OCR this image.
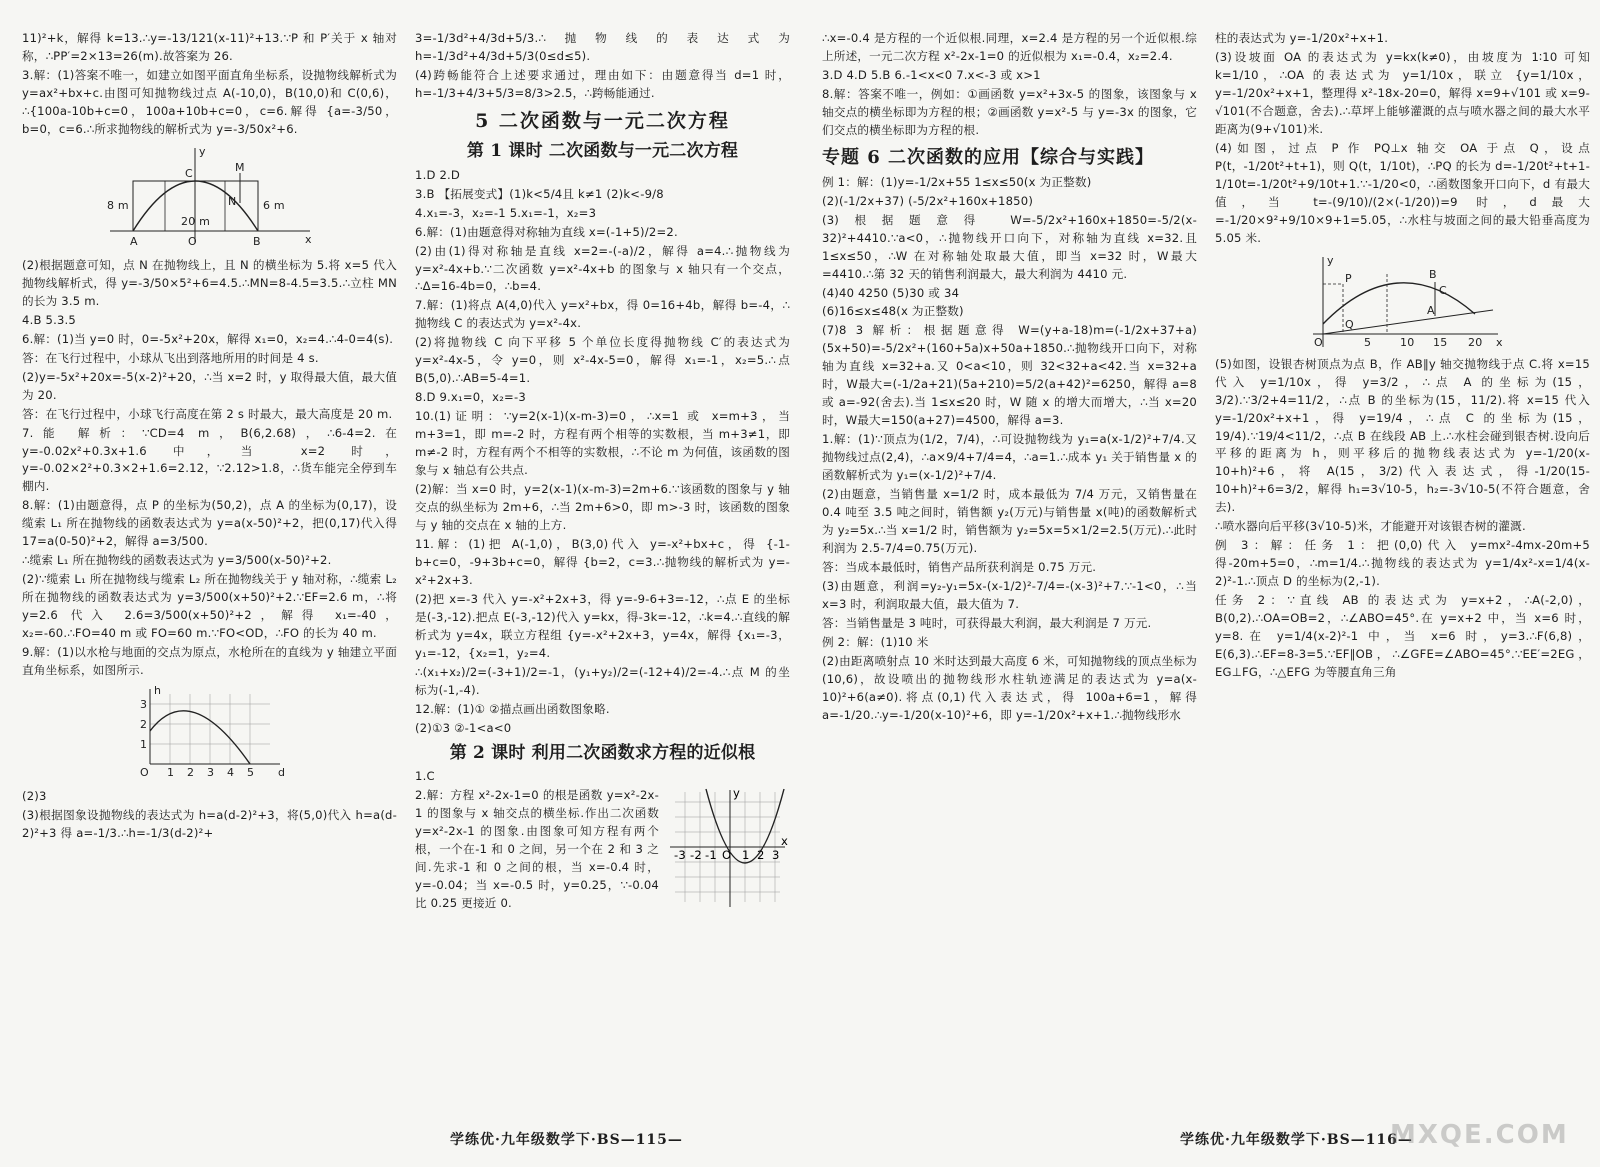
11)²+k，解得 k=13.∴y=-13/121(x-11)²+13.∵P 和 P′关于 x 轴对称，∴PP′=2×13=26(m).故答案为 26.

3.解：(1)答案不唯一，如建立如图平面直角坐标系，设抛物线解析式为 y=ax²+bx+c.由图可知抛物线过点 A(-10,0)，B(10,0)和 C(0,6)，∴{100a-10b+c=0，100a+10b+c=0，c=6.解得 {a=-3/50，b=0，c=6.∴所求抛物线的解析式为 y=-3/50x²+6.

x
y
M
C
N
A	O	B
8 m	6 m
20 m

(2)根据题意可知，点 N 在抛物线上，且 N 的横坐标为 5.将 x=5 代入抛物线解析式，得 y=-3/50×5²+6=4.5.∴MN=8-4.5=3.5.∴立柱 MN 的长为 3.5 m.

4.B 5.3.5

6.解：(1)当 y=0 时，0=-5x²+20x，解得 x₁=0，x₂=4.∴4-0=4(s).

答：在飞行过程中，小球从飞出到落地所用的时间是 4 s.

(2)y=-5x²+20x=-5(x-2)²+20，∴当 x=2 时，y 取得最大值，最大值为 20.

答：在飞行过程中，小球飞行高度在第 2 s 时最大，最大高度是 20 m.

7.能 解析：∵CD=4 m，B(6,2.68)，∴6-4=2.在 y=-0.02x²+0.3x+1.6 中，当 x=2 时，y=-0.02×2²+0.3×2+1.6=2.12，∵2.12>1.8，∴货车能完全停到车棚内.

8.解：(1)由题意得，点 P 的坐标为(50,2)，点 A 的坐标为(0,17)，设缆索 L₁ 所在抛物线的函数表达式为 y=a(x-50)²+2，把(0,17)代入得 17=a(0-50)²+2，解得 a=3/500.

∴缆索 L₁ 所在抛物线的函数表达式为 y=3/500(x-50)²+2.

(2)∵缆索 L₁ 所在抛物线与缆索 L₂ 所在抛物线关于 y 轴对称，∴缆索 L₂ 所在抛物线的函数表达式为 y=3/500(x+50)²+2.∵EF=2.6 m，∴将 y=2.6 代入 2.6=3/500(x+50)²+2，解得 x₁=-40，x₂=-60.∴FO=40 m 或 FO=60 m.∵FO<OD，∴FO 的长为 40 m.

9.解：(1)以水枪与地面的交点为原点，水枪所在的直线为 y 轴建立平面直角坐标系，如图所示.

O 1 2 3 4 5 d
1
2
3
h

(2)3

(3)根据图象设抛物线的表达式为 h=a(d-2)²+3，将(5,0)代入 h=a(d-2)²+3 得 a=-1/3.∴h=-1/3(d-2)²+

3=-1/3d²+4/3d+5/3.∴抛物线的表达式为 h=-1/3d²+4/3d+5/3(0≤d≤5).

(4)跨畅能符合上述要求通过，理由如下：由题意得当 d=1 时，h=-1/3+4/3+5/3=8/3>2.5，∴跨畅能通过.

5 二次函数与一元二次方程
第 1 课时 二次函数与一元二次方程

1.D 2.D

3.B 【拓展变式】(1)k<5/4且 k≠1 (2)k<-9/8

4.x₁=-3，x₂=-1 5.x₁=-1，x₂=3

6.解：(1)由题意得对称轴为直线 x=(-1+5)/2=2.

(2)由(1)得对称轴是直线 x=2=-(-a)/2，解得 a=4.∴抛物线为 y=x²-4x+b.∵二次函数 y=x²-4x+b 的图象与 x 轴只有一个交点，∴Δ=16-4b=0，∴b=4.

7.解：(1)将点 A(4,0)代入 y=x²+bx，得 0=16+4b，解得 b=-4，∴抛物线 C 的表达式为 y=x²-4x.

(2)将抛物线 C 向下平移 5 个单位长度得抛物线 C′的表达式为 y=x²-4x-5，令 y=0，则 x²-4x-5=0，解得 x₁=-1，x₂=5.∴点 B(5,0).∴AB=5-4=1.

8.D 9.x₁=0，x₂=-3

10.(1)证明：∵y=2(x-1)(x-m-3)=0，∴x=1 或 x=m+3，当 m+3=1，即 m=-2 时，方程有两个相等的实数根，当 m+3≠1，即 m≠-2 时，方程有两个不相等的实数根，∴不论 m 为何值，该函数的图象与 x 轴总有公共点.

(2)解：当 x=0 时，y=2(x-1)(x-m-3)=2m+6.∵该函数的图象与 y 轴交点的纵坐标为 2m+6，∴当 2m+6>0，即 m>-3 时，该函数的图象与 y 轴的交点在 x 轴的上方.

11.解：(1)把 A(-1,0)，B(3,0)代入 y=-x²+bx+c，得 {-1-b+c=0，-9+3b+c=0，解得 {b=2，c=3.∴抛物线的解析式为 y=-x²+2x+3.

(2)把 x=-3 代入 y=-x²+2x+3，得 y=-9-6+3=-12，∴点 E 的坐标是(-3,-12).把点 E(-3,-12)代入 y=kx，得-3k=-12，∴k=4.∴直线的解析式为 y=4x，联立方程组 {y=-x²+2x+3，y=4x，解得 {x₁=-3，y₁=-12，{x₂=1，y₂=4.

∴(x₁+x₂)/2=(-3+1)/2=-1，(y₁+y₂)/2=(-12+4)/2=-4.∴点 M 的坐标为(-1,-4).

12.解：(1)① ②描点画出函数图象略.

(2)①3 ②-1<a<0

第 2 课时 利用二次函数求方程的近似根

1.C

2.解：方程 x²-2x-1=0 的根是函数 y=x²-2x-1 的图象与 x 轴交点的横坐标.作出二次函数 y=x²-2x-1 的图象.由图象可知方程有两个根，一个在-1 和 0 之间，另一个在 2 和 3 之间.先求-1 和 0 之间的根，当 x=-0.4 时，y=-0.04；当 x=-0.5 时，y=0.25，∵-0.04 比 0.25 更接近 0.

x
y
O 1 2 3
-1
-2
-3
学练优·九年级数学下·BS—115—

∴x=-0.4 是方程的一个近似根.同理，x=2.4 是方程的另一个近似根.综上所述，一元二次方程 x²-2x-1=0 的近似根为 x₁=-0.4，x₂=2.4.

3.D 4.D 5.B 6.-1<x<0 7.x<-3 或 x>1

8.解：答案不唯一，例如：①画函数 y=x²+3x-5 的图象，该图象与 x 轴交点的横坐标即为方程的根；②画函数 y=x²-5 与 y=-3x 的图象，它们交点的横坐标即为方程的根.

专题 6 二次函数的应用【综合与实践】

例 1：解：(1)y=-1/2x+55 1≤x≤50(x 为正整数)

(2)(-1/2x+37) (-5/2x²+160x+1850)

(3)根据题意得 W=-5/2x²+160x+1850=-5/2(x-32)²+4410.∵a<0，∴抛物线开口向下，对称轴为直线 x=32.且 1≤x≤50，∴W 在对称轴处取最大值，即当 x=32 时，W最大=4410.∴第 32 天的销售利润最大，最大利润为 4410 元.

(4)40 4250 (5)30 或 34

(6)16≤x≤48(x 为正整数)

(7)8 3 解析：根据题意得 W=(y+a-18)m=(-1/2x+37+a)(5x+50)=-5/2x²+(160+5a)x+50a+1850.∴抛物线开口向下，对称轴为直线 x=32+a.又 0<a<10，则 32<32+a<42.当 x=32+a 时，W最大=(-1/2a+21)(5a+210)=5/2(a+42)²=6250，解得 a=8 或 a=-92(舍去).当 1≤x≤20 时，W 随 x 的增大而增大，∴当 x=20 时，W最大=150(a+27)=4500，解得 a=3.

1.解：(1)∵顶点为(1/2，7/4)，∴可设抛物线为 y₁=a(x-1/2)²+7/4.又抛物线过点(2,4)，∴a×9/4+7/4=4，∴a=1.∴成本 y₁ 关于销售量 x 的函数解析式为 y₁=(x-1/2)²+7/4.

(2)由题意，当销售量 x=1/2 时，成本最低为 7/4 万元，又销售量在 0.4 吨至 3.5 吨之间时，销售额 y₂(万元)与销售量 x(吨)的函数解析式为 y₂=5x.∴当 x=1/2 时，销售额为 y₂=5x=5×1/2=2.5(万元).∴此时利润为 2.5-7/4=0.75(万元).

答：当成本最低时，销售产品所获利润是 0.75 万元.

(3)由题意，利润=y₂-y₁=5x-(x-1/2)²-7/4=-(x-3)²+7.∵-1<0，∴当 x=3 时，利润取最大值，最大值为 7.

答：当销售量是 3 吨时，可获得最大利润，最大利润是 7 万元.

例 2：解：(1)10 米

(2)由距离喷射点 10 米时达到最大高度 6 米，可知抛物线的顶点坐标为(10,6)，故设喷出的抛物线形水柱轨迹满足的表达式为 y=a(x-10)²+6(a≠0).将点(0,1)代入表达式，得 100a+6=1，解得 a=-1/20.∴y=-1/20(x-10)²+6，即 y=-1/20x²+x+1.∴抛物线形水

柱的表达式为 y=-1/20x²+x+1.

(3)设坡面 OA 的表达式为 y=kx(k≠0)，由坡度为 1∶10 可知 k=1/10，∴OA 的表达式为 y=1/10x，联立 {y=1/10x，y=-1/20x²+x+1，整理得 x²-18x-20=0，解得 x=9+√101 或 x=9-√101(不合题意，舍去).∴草坪上能够灌溉的点与喷水器之间的最大水平距离为(9+√101)米.

(4)如图，过点 P 作 PQ⊥x 轴交 OA 于点 Q，设点 P(t，-1/20t²+t+1)，则 Q(t，1/10t)，∴PQ 的长为 d=-1/20t²+t+1-1/10t=-1/20t²+9/10t+1.∵-1/20<0，∴函数图象开口向下，d 有最大值，当 t=-(9/10)/(2×(-1/20))=9 时，d最大=-1/20×9²+9/10×9+1=5.05，∴水柱与坡面之间的最大铅垂高度为 5.05 米.

x
y
O
P
Q
A
B
C
5	10 15 20

(5)如图，设银杏树顶点为点 B，作 AB∥y 轴交抛物线于点 C.将 x=15 代入 y=1/10x，得 y=3/2，∴点 A 的坐标为(15，3/2).∵3/2+4=11/2，∴点 B 的坐标为(15，11/2).将 x=15 代入 y=-1/20x²+x+1，得 y=19/4，∴点 C 的坐标为(15，19/4).∵19/4<11/2，∴点 B 在线段 AB 上.∴水柱会碰到银杏树.设向后平移的距离为 h，则平移后的抛物线表达式为 y=-1/20(x-10+h)²+6，将 A(15，3/2)代入表达式，得-1/20(15-10+h)²+6=3/2，解得 h₁=3√10-5，h₂=-3√10-5(不符合题意，舍去).

∴喷水器向后平移(3√10-5)米，才能避开对该银杏树的灌溉.

例 3：解：任务 1：把(0,0)代入 y=mx²-4mx-20m+5 得-20m+5=0，∴m=1/4.∴抛物线的表达式为 y=1/4x²-x=1/4(x-2)²-1.∴顶点 D 的坐标为(2,-1).

任务 2：∵直线 AB 的表达式为 y=x+2，∴A(-2,0)，B(0,2).∴OA=OB=2，∴∠ABO=45°.在 y=x+2 中，当 x=6 时，y=8.在 y=1/4(x-2)²-1 中，当 x=6 时，y=3.∴F(6,8)，E(6,3).∴EF=8-3=5.∵EF∥OB，∴∠GFE=∠ABO=45°.∵EE′=2EG，EG⊥FG，∴△EFG 为等腰直角三角

学练优·九年级数学下·BS—116—
MXQE.COM
